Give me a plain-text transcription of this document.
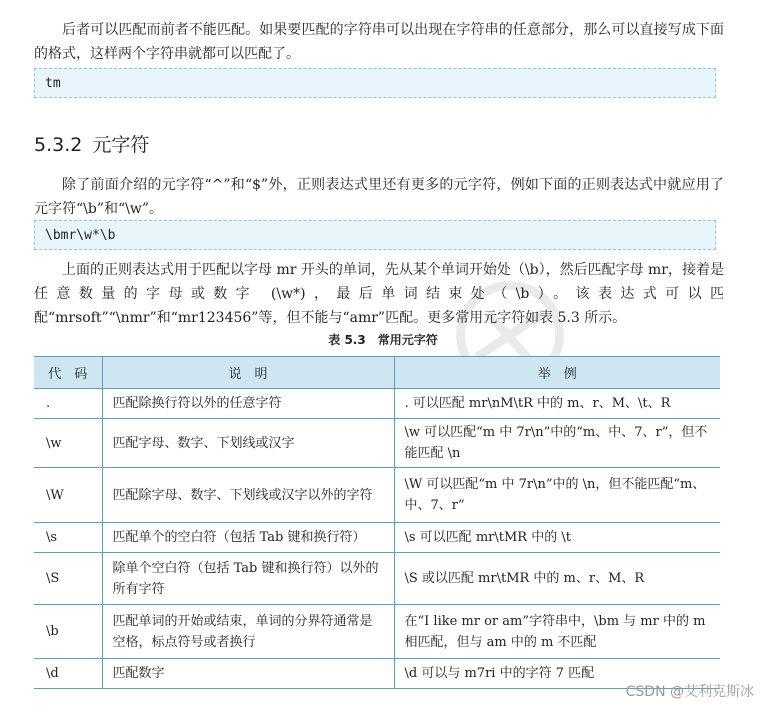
后者可以匹配而前者不能匹配。如果要匹配的字符串可以出现在字符串的任意部分，那么可以直接写成下面的格式，这样两个字符串就都可以匹配了。
tm
5.3.2 元字符
除了前面介绍的元字符“^”和“$”外，正则表达式里还有更多的元字符，例如下面的正则表达式中就应用了元字符“\b”和“\w”。
\bmr\w*\b
上面的正则表达式用于匹配以字母 mr 开头的单词，先从某个单词开始处（\b），然后匹配字母 mr，接着是任意数量的字母或数字 (\w*)，最后单词结束处（\b）。该表达式可以匹配“mrsoft”“\nmr”和“mr123456”等，但不能与“amr”匹配。更多常用元字符如表 5.3 所示。
表 5.3 常用元字符
代　码	说　明	举　例
.	匹配除换行符以外的任意字符	. 可以匹配 mr\nM\tR 中的 m、r、M、\t、R
\w	匹配字母、数字、下划线或汉字	\w 可以匹配“m 中 7r\n”中的“m、中、7、r”，但不能匹配 \n
\W	匹配除字母、数字、下划线或汉字以外的字符	\W 可以匹配“m 中 7r\n”中的 \n，但不能匹配“m、中、7、r”
\s	匹配单个的空白符（包括 Tab 键和换行符）	\s 可以匹配 mr\tMR 中的 \t
\S	除单个空白符（包括 Tab 键和换行符）以外的所有字符	\S 或以匹配 mr\tMR 中的 m、r、M、R
\b	匹配单词的开始或结束，单词的分界符通常是空格，标点符号或者换行	在“I like mr or am”字符串中，\bm 与 mr 中的 m 相匹配，但与 am 中的 m 不匹配
\d	匹配数字	\d 可以与 m7ri 中的字符 7 匹配
CSDN @艾利克斯冰
